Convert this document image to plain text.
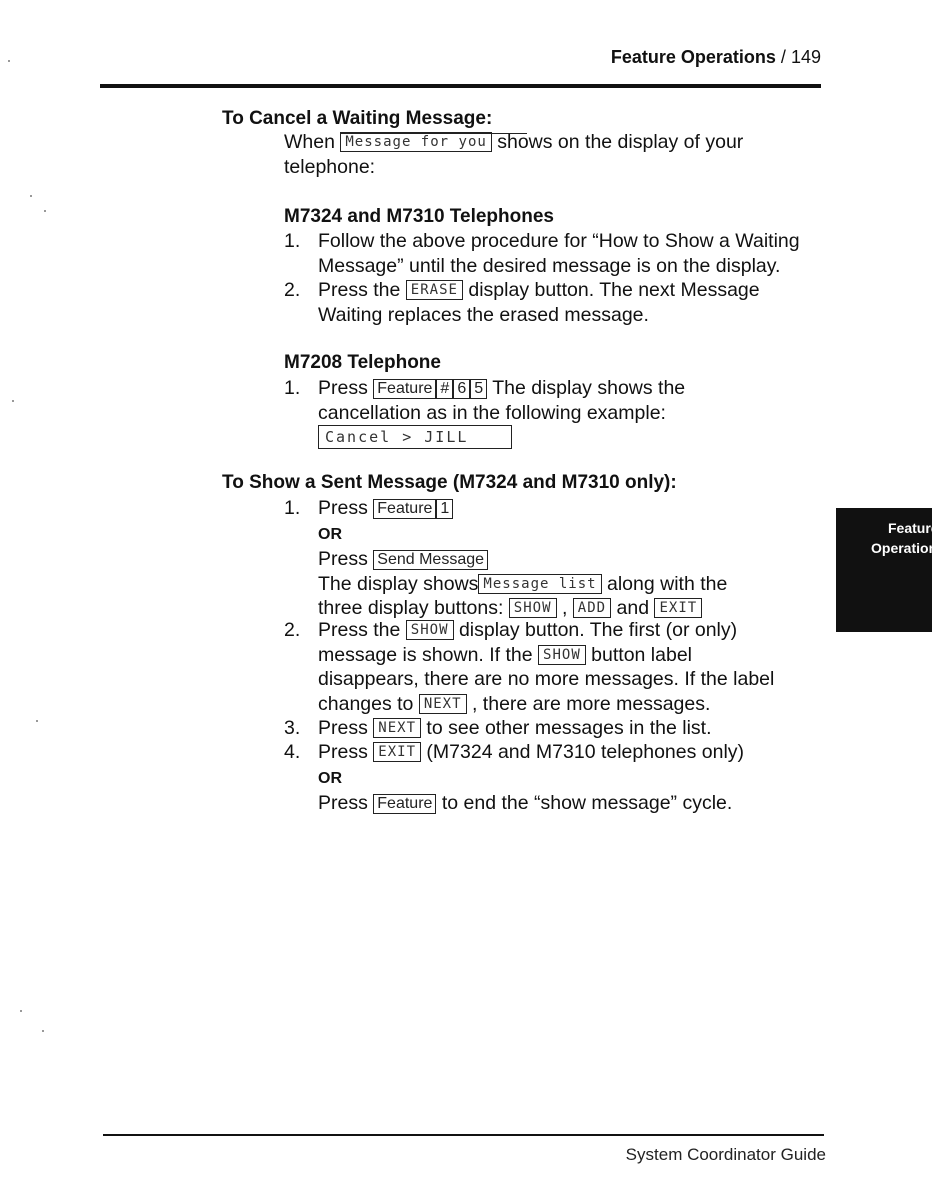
Feature Operations / 149
To Cancel a Waiting Message:
When Message for you shows on the display of your
telephone:
M7324 and M7310 Telephones
1. Follow the above procedure for “How to Show a Waiting
Message” until the desired message is on the display.
2. Press the ERASE display button. The next Message
Waiting replaces the erased message.
M7208 Telephone
1. Press Feature # 6 5 The display shows the
cancellation as in the following example:
Cancel > JILL
To Show a Sent Message (M7324 and M7310 only):
1. Press Feature 1
OR
Press Send Message
The display shows Message list along with the
three display buttons: SHOW , ADD and EXIT
2. Press the SHOW display button. The first (or only)
message is shown. If the SHOW button label
disappears, there are no more messages. If the label
changes to NEXT , there are more messages.
3. Press NEXT to see other messages in the list.
4. Press EXIT (M7324 and M7310 telephones only)
OR
Press Feature to end the “show message” cycle.
Feature
Operations
System Coordinator Guide
